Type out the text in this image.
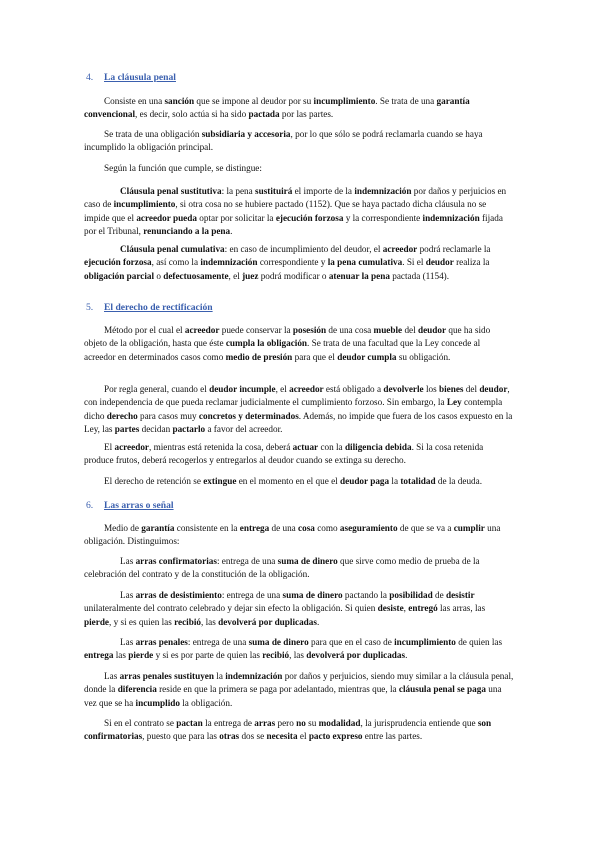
4. La cláusula penal

Consiste en una sanción que se impone al deudor por su incumplimiento. Se trata de una garantía convencional, es decir, solo actúa si ha sido pactada por las partes.

Se trata de una obligación subsidiaria y accesoria, por lo que sólo se podrá reclamarla cuando se haya incumplido la obligación principal.

Según la función que cumple, se distingue:

Cláusula penal sustitutiva: la pena sustituirá el importe de la indemnización por daños y perjuicios en caso de incumplimiento, si otra cosa no se hubiere pactado (1152). Que se haya pactado dicha cláusula no se impide que el acreedor pueda optar por solicitar la ejecución forzosa y la correspondiente indemnización fijada por el Tribunal, renunciando a la pena.

Cláusula penal cumulativa: en caso de incumplimiento del deudor, el acreedor podrá reclamarle la ejecución forzosa, así como la indemnización correspondiente y la pena cumulativa. Si el deudor realiza la obligación parcial o defectuosamente, el juez podrá modificar o atenuar la pena pactada (1154).

5. El derecho de rectificación

Método por el cual el acreedor puede conservar la posesión de una cosa mueble del deudor que ha sido objeto de la obligación, hasta que éste cumpla la obligación. Se trata de una facultad que la Ley concede al acreedor en determinados casos como medio de presión para que el deudor cumpla su obligación.

Por regla general, cuando el deudor incumple, el acreedor está obligado a devolverle los bienes del deudor, con independencia de que pueda reclamar judicialmente el cumplimiento forzoso. Sin embargo, la Ley contempla dicho derecho para casos muy concretos y determinados. Además, no impide que fuera de los casos expuesto en la Ley, las partes decidan pactarlo a favor del acreedor.

El acreedor, mientras está retenida la cosa, deberá actuar con la diligencia debida. Si la cosa retenida produce frutos, deberá recogerlos y entregarlos al deudor cuando se extinga su derecho.

El derecho de retención se extingue en el momento en el que el deudor paga la totalidad de la deuda.

6. Las arras o señal

Medio de garantía consistente en la entrega de una cosa como aseguramiento de que se va a cumplir una obligación. Distinguimos:

Las arras confirmatorias: entrega de una suma de dinero que sirve como medio de prueba de la celebración del contrato y de la constitución de la obligación.

Las arras de desistimiento: entrega de una suma de dinero pactando la posibilidad de desistir unilateralmente del contrato celebrado y dejar sin efecto la obligación. Si quien desiste, entregó las arras, las pierde, y si es quien las recibió, las devolverá por duplicadas.

Las arras penales: entrega de una suma de dinero para que en el caso de incumplimiento de quien las entrega las pierde y si es por parte de quien las recibió, las devolverá por duplicadas.

Las arras penales sustituyen la indemnización por daños y perjuicios, siendo muy similar a la cláusula penal, donde la diferencia reside en que la primera se paga por adelantado, mientras que, la cláusula penal se paga una vez que se ha incumplido la obligación.

Si en el contrato se pactan la entrega de arras pero no su modalidad, la jurisprudencia entiende que son confirmatorias, puesto que para las otras dos se necesita el pacto expreso entre las partes.
